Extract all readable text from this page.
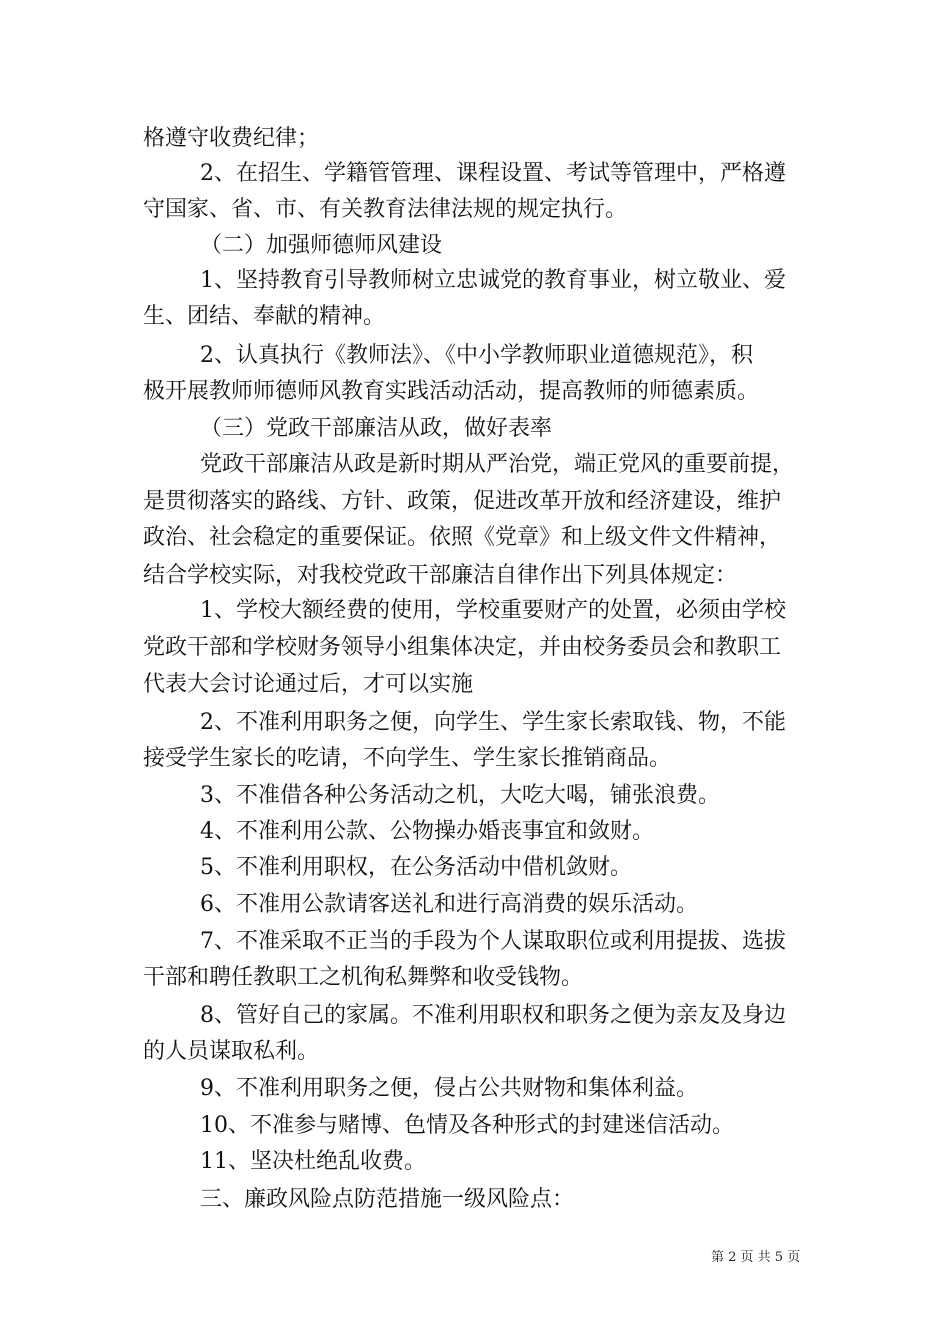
格遵守收费纪律；
2、在招生、学籍管管理、课程设置、考试等管理中，严格遵
守国家、省、市、有关教育法律法规的规定执行。
（二）加强师德师风建设
1、坚持教育引导教师树立忠诚党的教育事业，树立敬业、爱
生、团结、奉献的精神。
2、认真执行《教师法》、《中小学教师职业道德规范》，积
极开展教师师德师风教育实践活动活动，提高教师的师德素质。
（三）党政干部廉洁从政，做好表率
党政干部廉洁从政是新时期从严治党，端正党风的重要前提，
是贯彻落实的路线、方针、政策，促进改革开放和经济建设，维护
政治、社会稳定的重要保证。依照《党章》和上级文件文件精神，
结合学校实际，对我校党政干部廉洁自律作出下列具体规定：
1、学校大额经费的使用，学校重要财产的处置，必须由学校
党政干部和学校财务领导小组集体决定，并由校务委员会和教职工
代表大会讨论通过后，才可以实施
2、不准利用职务之便，向学生、学生家长索取钱、物，不能
接受学生家长的吃请，不向学生、学生家长推销商品。
3、不准借各种公务活动之机，大吃大喝，铺张浪费。
4、不准利用公款、公物操办婚丧事宜和敛财。
5、不准利用职权，在公务活动中借机敛财。
6、不准用公款请客送礼和进行高消费的娱乐活动。
7、不准采取不正当的手段为个人谋取职位或利用提拔、选拔
干部和聘任教职工之机徇私舞弊和收受钱物。
8、管好自己的家属。不准利用职权和职务之便为亲友及身边
的人员谋取私利。
9、不准利用职务之便，侵占公共财物和集体利益。
10、不准参与赌博、色情及各种形式的封建迷信活动。
11、坚决杜绝乱收费。
三、廉政风险点防范措施一级风险点：
第 2 页 共 5 页
